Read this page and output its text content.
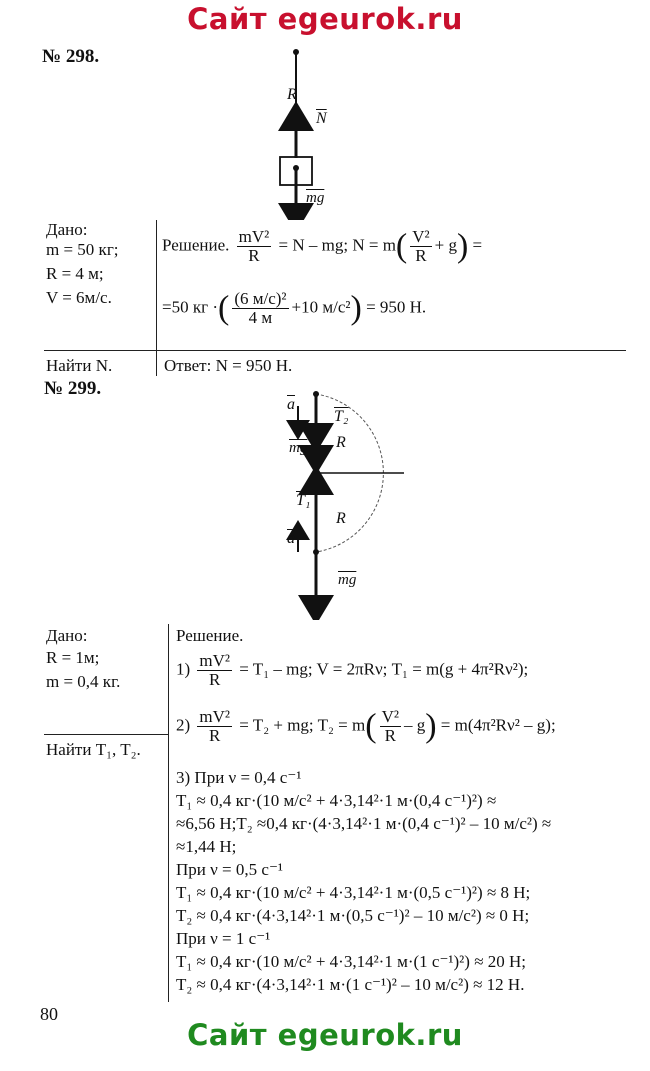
Сайт egeurok.ru
№ 298.
R
$\overline{N}$
$\overline{mg}$
Дано:
m = 50 кг;
R = 4 м;
V = 6м/с.
Найти N.
Решение. $\frac{\text{mV²}}{R} = N$ – mg; $N = m( \frac{\text{V²}}{R} + g)$ =
=50 кг ·( $\frac{\text{(6 м/с)²}}{4 м} +10$ м/с²) = 950 Н.
Ответ: N = 950 Н.
№ 299.
$\overline{a}$
T₂
$\overline{mg}$ R
T₁
R
$\overline{a}$
$\overline{mg}$
Дано:
R = 1м;
m = 0,4 кг.
Найти T₁, T₂.
Решение.
$1) \frac{\text{mV²}}{R} = T_1$ – mg; V = 2πRν; T₁ = m(g + 4π²Rν²);
$2) \frac{\text{mV²}}{R} = T_2$ + mg; $T_2 = m( \frac{\text{V²}}{R} - g) = m(4\pi^2R\nu^2 - g)$;
3) При ν = 0,4 с⁻¹
T₁ ≈ 0,4 кг·(10 м/с² + 4·3,14²·1 м·(0,4 с⁻¹)²) ≈
≈6,56 Н;T₂ ≈0,4 кг·(4·3,14²·1 м·(0,4 с⁻¹)² – 10 м/с²) ≈
≈1,44 Н;
При ν = 0,5 с⁻¹
T₁ ≈ 0,4 кг·(10 м/с² + 4·3,14²·1 м·(0,5 с⁻¹)²) ≈ 8 Н;
T₂ ≈ 0,4 кг·(4·3,14²·1 м·(0,5 с⁻¹)² – 10 м/с²) ≈ 0 Н;
При ν = 1 с⁻¹
T₁ ≈ 0,4 кг·(10 м/с² + 4·3,14²·1 м·(1 с⁻¹)²) ≈ 20 Н;
T₂ ≈ 0,4 кг·(4·3,14²·1 м·(1 с⁻¹)² – 10 м/с²) ≈ 12 Н.
80
Сайт egeurok.ru
